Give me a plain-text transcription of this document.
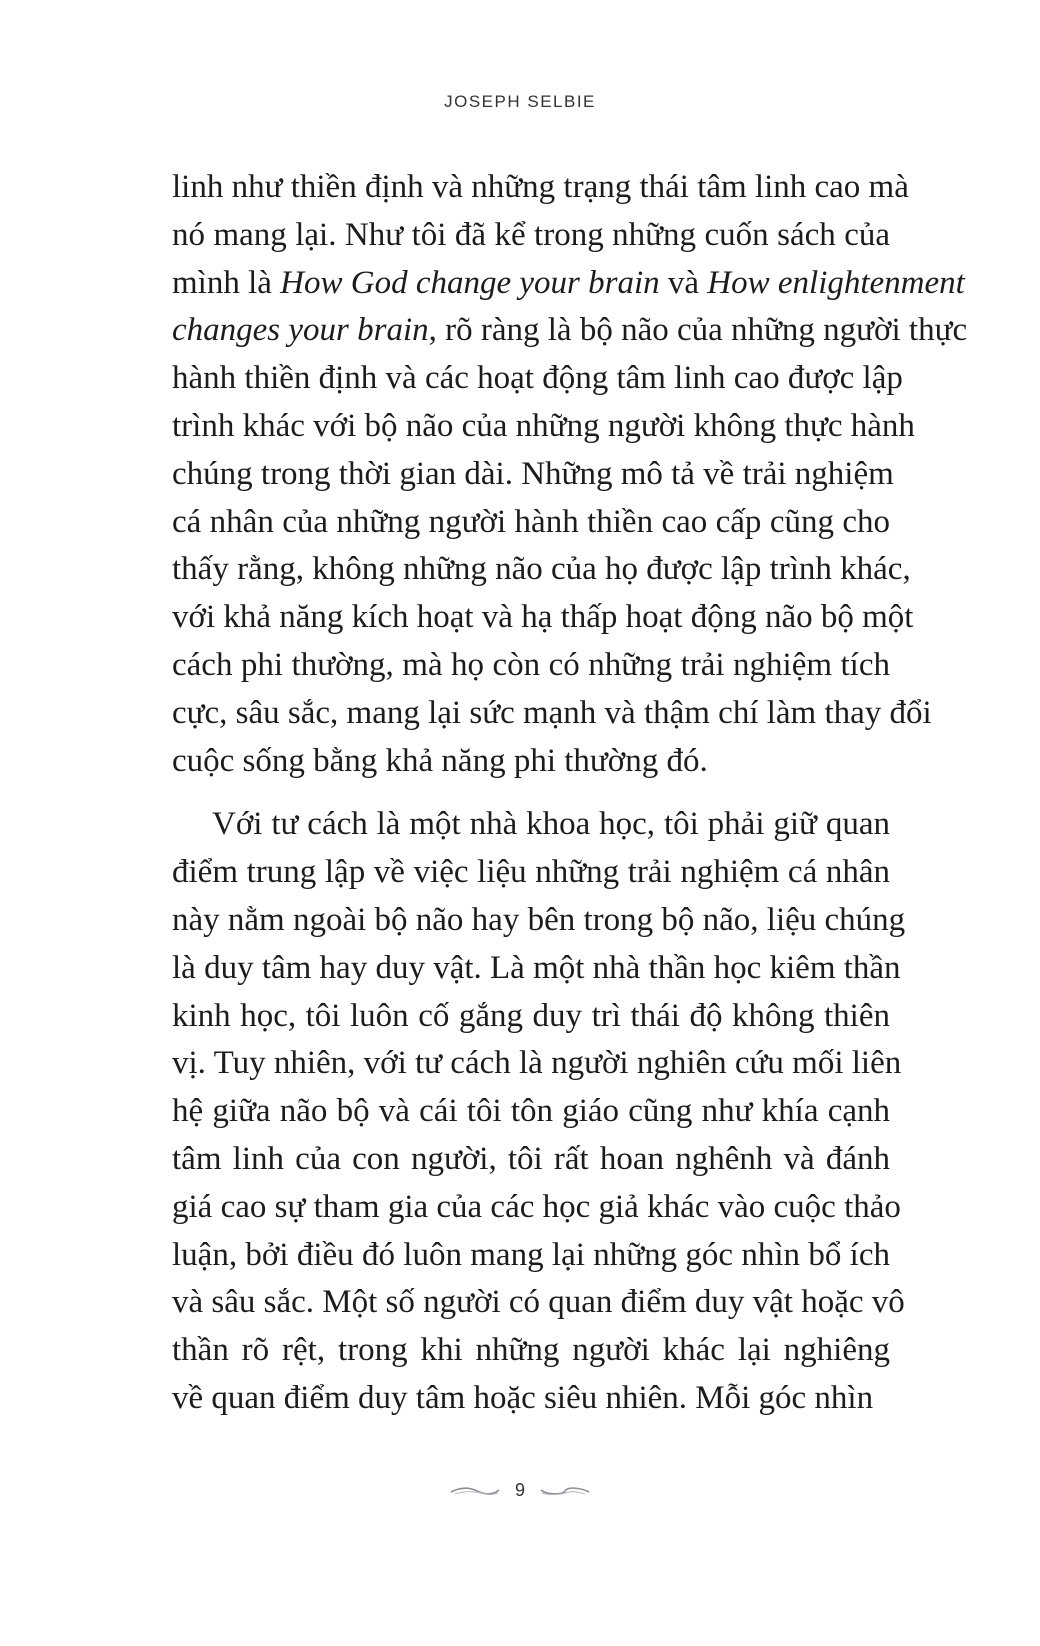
JOSEPH SELBIE
linh như thiền định và những trạng thái tâm linh cao mà
nó mang lại. Như tôi đã kể trong những cuốn sách của
mình là How God change your brain và How enlightenment
changes your brain, rõ ràng là bộ não của những người thực
hành thiền định và các hoạt động tâm linh cao được lập
trình khác với bộ não của những người không thực hành
chúng trong thời gian dài. Những mô tả về trải nghiệm
cá nhân của những người hành thiền cao cấp cũng cho
thấy rằng, không những não của họ được lập trình khác,
với khả năng kích hoạt và hạ thấp hoạt động não bộ một
cách phi thường, mà họ còn có những trải nghiệm tích
cực, sâu sắc, mang lại sức mạnh và thậm chí làm thay đổi
cuộc sống bằng khả năng phi thường đó.
Với tư cách là một nhà khoa học, tôi phải giữ quan
điểm trung lập về việc liệu những trải nghiệm cá nhân
này nằm ngoài bộ não hay bên trong bộ não, liệu chúng
là duy tâm hay duy vật. Là một nhà thần học kiêm thần
kinh học, tôi luôn cố gắng duy trì thái độ không thiên
vị. Tuy nhiên, với tư cách là người nghiên cứu mối liên
hệ giữa não bộ và cái tôi tôn giáo cũng như khía cạnh
tâm linh của con người, tôi rất hoan nghênh và đánh
giá cao sự tham gia của các học giả khác vào cuộc thảo
luận, bởi điều đó luôn mang lại những góc nhìn bổ ích
và sâu sắc. Một số người có quan điểm duy vật hoặc vô
thần rõ rệt, trong khi những người khác lại nghiêng
về quan điểm duy tâm hoặc siêu nhiên. Mỗi góc nhìn
9
